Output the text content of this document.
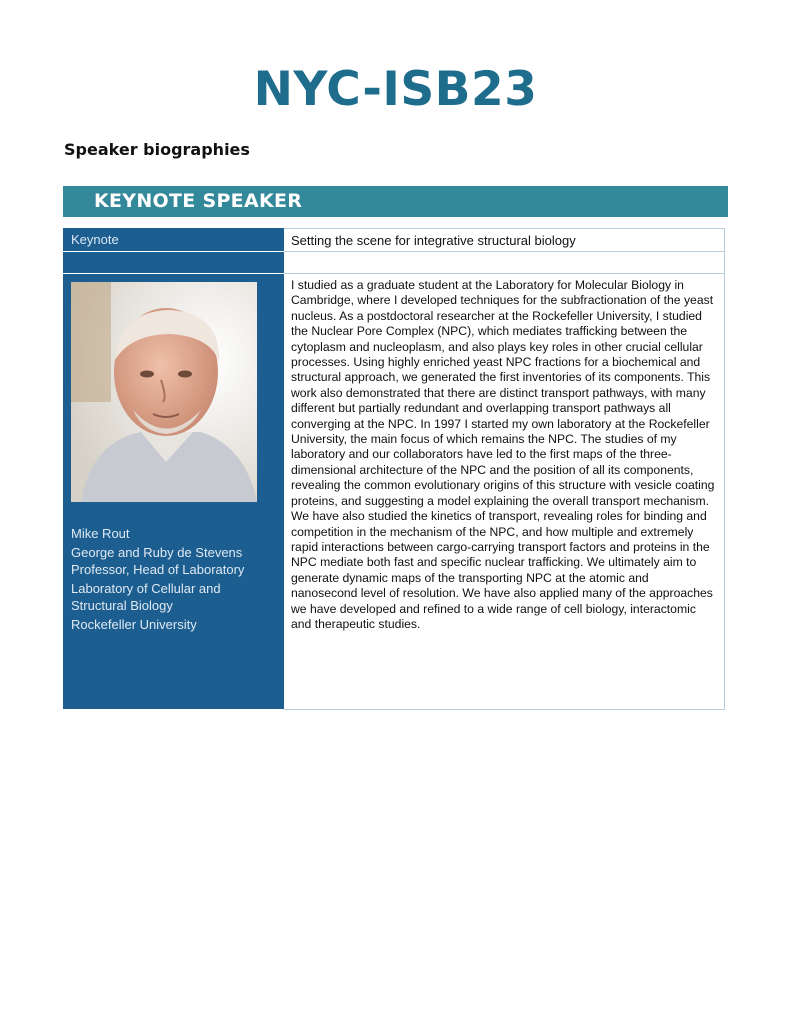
NYC-ISB23
Speaker biographies
KEYNOTE SPEAKER
Keynote	Setting the scene for integrative structural biology
Mike Rout
George and Ruby de Stevens Professor, Head of Laboratory
Laboratory of Cellular and Structural Biology
Rockefeller University
I studied as a graduate student at the Laboratory for Molecular Biology in Cambridge, where I developed techniques for the subfractionation of the yeast nucleus. As a postdoctoral researcher at the Rockefeller University, I studied the Nuclear Pore Complex (NPC), which mediates trafficking between the cytoplasm and nucleoplasm, and also plays key roles in other crucial cellular processes. Using highly enriched yeast NPC fractions for a biochemical and structural approach, we generated the first inventories of its components. This work also demonstrated that there are distinct transport pathways, with many different but partially redundant and overlapping transport pathways all converging at the NPC. In 1997 I started my own laboratory at the Rockefeller University, the main focus of which remains the NPC. The studies of my laboratory and our collaborators have led to the first maps of the three-dimensional architecture of the NPC and the position of all its components, revealing the common evolutionary origins of this structure with vesicle coating proteins, and suggesting a model explaining the overall transport mechanism. We have also studied the kinetics of transport, revealing roles for binding and competition in the mechanism of the NPC, and how multiple and extremely rapid interactions between cargo-carrying transport factors and proteins in the NPC mediate both fast and specific nuclear trafficking. We ultimately aim to generate dynamic maps of the transporting NPC at the atomic and nanosecond level of resolution. We have also applied many of the approaches we have developed and refined to a wide range of cell biology, interactomic and therapeutic studies.
